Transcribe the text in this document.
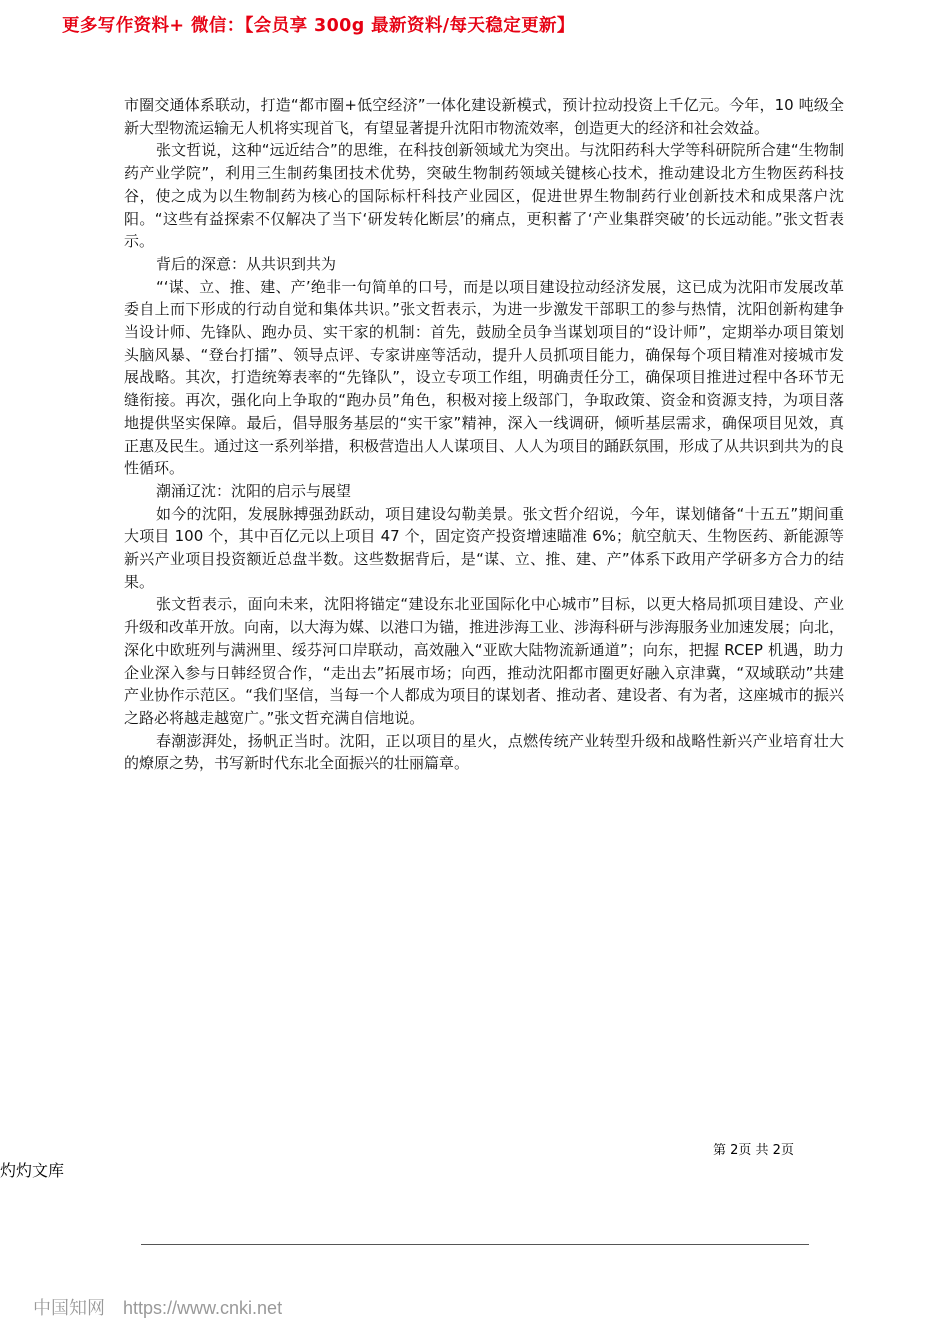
更多写作资料+ 微信：【会员享 300g 最新资料/每天稳定更新】

市圈交通体系联动，打造“都市圈+低空经济”一体化建设新模式，预计拉动投资上千亿元。今年，10 吨级全新大型物流运输无人机将实现首飞，有望显著提升沈阳市物流效率，创造更大的经济和社会效益。

张文哲说，这种“远近结合”的思维，在科技创新领域尤为突出。与沈阳药科大学等科研院所合建“生物制药产业学院”，利用三生制药集团技术优势，突破生物制药领域关键核心技术，推动建设北方生物医药科技谷，使之成为以生物制药为核心的国际标杆科技产业园区，促进世界生物制药行业创新技术和成果落户沈阳。“这些有益探索不仅解决了当下‘研发转化断层’的痛点，更积蓄了‘产业集群突破’的长远动能。”张文哲表示。

背后的深意：从共识到共为

“‘谋、立、推、建、产’绝非一句简单的口号，而是以项目建设拉动经济发展，这已成为沈阳市发展改革委自上而下形成的行动自觉和集体共识。”张文哲表示，为进一步激发干部职工的参与热情，沈阳创新构建争当设计师、先锋队、跑办员、实干家的机制：首先，鼓励全员争当谋划项目的“设计师”，定期举办项目策划头脑风暴、“登台打擂”、领导点评、专家讲座等活动，提升人员抓项目能力，确保每个项目精准对接城市发展战略。其次，打造统筹表率的“先锋队”，设立专项工作组，明确责任分工，确保项目推进过程中各环节无缝衔接。再次，强化向上争取的“跑办员”角色，积极对接上级部门，争取政策、资金和资源支持，为项目落地提供坚实保障。最后，倡导服务基层的“实干家”精神，深入一线调研，倾听基层需求，确保项目见效，真正惠及民生。通过这一系列举措，积极营造出人人谋项目、人人为项目的踊跃氛围，形成了从共识到共为的良性循环。

潮涌辽沈：沈阳的启示与展望

如今的沈阳，发展脉搏强劲跃动，项目建设勾勒美景。张文哲介绍说，今年，谋划储备“十五五”期间重大项目 100 个，其中百亿元以上项目 47 个，固定资产投资增速瞄准 6%；航空航天、生物医药、新能源等新兴产业项目投资额近总盘半数。这些数据背后，是“谋、立、推、建、产”体系下政用产学研多方合力的结果。

张文哲表示，面向未来，沈阳将锚定“建设东北亚国际化中心城市”目标，以更大格局抓项目建设、产业升级和改革开放。向南，以大海为媒、以港口为锚，推进涉海工业、涉海科研与涉海服务业加速发展；向北，深化中欧班列与满洲里、绥芬河口岸联动，高效融入“亚欧大陆物流新通道”；向东，把握 RCEP 机遇，助力企业深入参与日韩经贸合作，“走出去”拓展市场；向西，推动沈阳都市圈更好融入京津冀，“双域联动”共建产业协作示范区。“我们坚信，当每一个人都成为项目的谋划者、推动者、建设者、有为者，这座城市的振兴之路必将越走越宽广。”张文哲充满自信地说。

春潮澎湃处，扬帆正当时。沈阳，正以项目的星火，点燃传统产业转型升级和战略性新兴产业培育壮大的燎原之势，书写新时代东北全面振兴的壮丽篇章。

第 2页 共 2页
灼灼文库
中国知网 https://www.cnki.net
